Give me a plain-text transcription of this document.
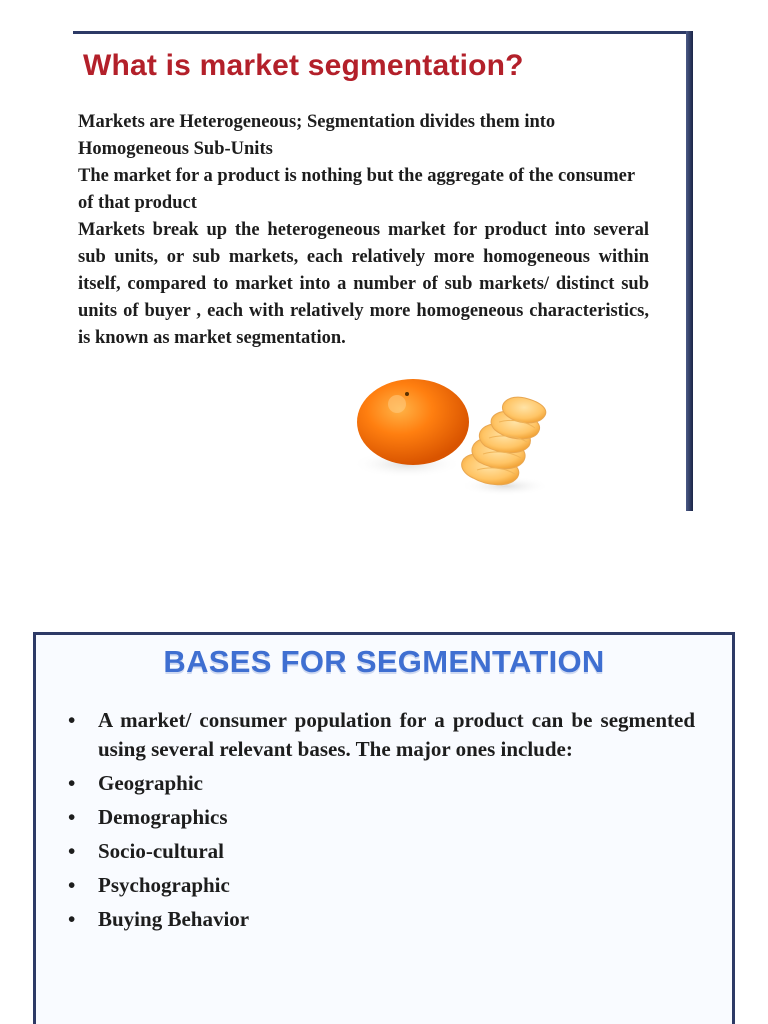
What is market segmentation?

Markets are Heterogeneous; Segmentation divides them into Homogeneous Sub-Units

The market for a product is nothing but the aggregate of the consumer of that product

Markets break up the heterogeneous market for product into several sub units, or sub markets, each relatively more homogeneous within itself, compared to market into a number of sub markets/ distinct sub units of buyer , each with relatively more homogeneous characteristics, is known as market segmentation.

BASES FOR SEGMENTATION
• A market/ consumer population for a product can be segmented using several relevant bases. The major ones include:
• Geographic
• Demographics
• Socio-cultural
• Psychographic
• Buying Behavior
